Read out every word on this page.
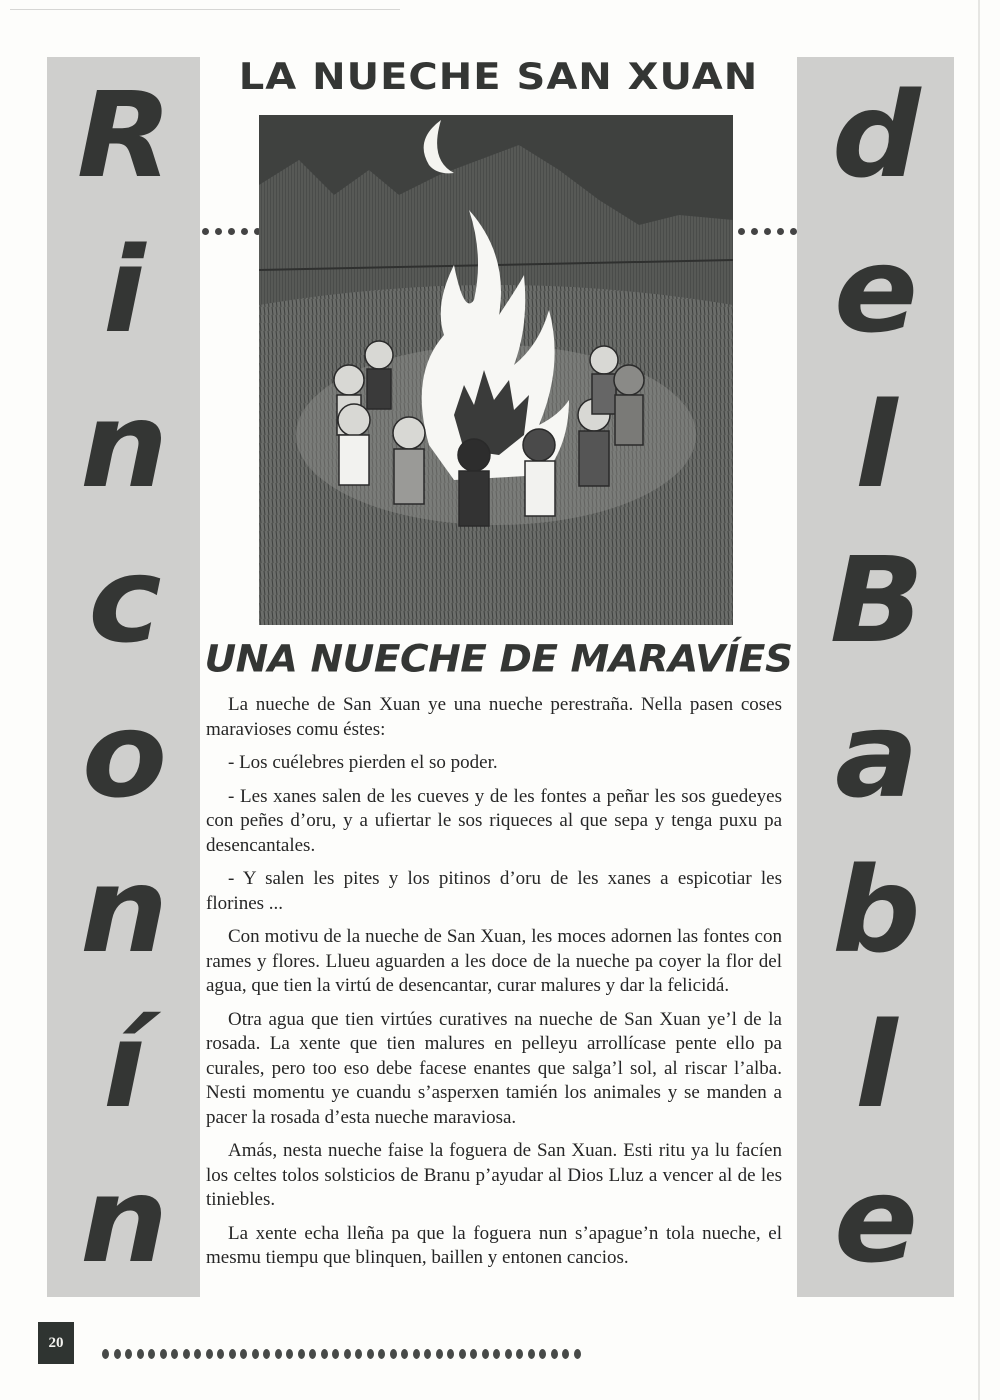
R
i
n
c
o
n
í
n
d
e
l
B
a
b
l
e
LA NUECHE SAN XUAN
UNA NUECHE DE MARAVÍES

La nueche de San Xuan ye una nueche perestraña. Nella pasen coses maravioses comu éstes:

- Los cuélebres pierden el so poder.

- Les xanes salen de les cueves y de les fontes a peñar les sos guedeyes con peñes d’oru, y a ufiertar le sos riqueces al que sepa y tenga puxu pa desencantales.

- Y salen les pites y los pitinos d’oru de les xanes a espicotiar les florines ...

Con motivu de la nueche de San Xuan, les moces adornen las fontes con rames y flores. Llueu aguarden a les doce de la nueche pa coyer la flor del agua, que tien la virtú de desencantar, curar malures y dar la felicidá.

Otra agua que tien virtúes curatives na nueche de San Xuan ye’l de la rosada. La xente que tien malures en pelleyu arrollícase pente ello pa curales, pero too eso debe facese enantes que salga’l sol, al riscar l’alba. Nesti momentu ye cuandu s’asperxen tamién los animales y se manden a pacer la rosada d’esta nueche maraviosa.

Amás, nesta nueche faise la foguera de San Xuan. Esti ritu ya lu facíen los celtes tolos solsticios de Branu p’ayudar al Dios Lluz a vencer al de les tiniebles.

La xente echa lleña pa que la foguera nun s’apague’n tola nueche, el mesmu tiempu que blinquen, baillen y entonen cancios.

20
